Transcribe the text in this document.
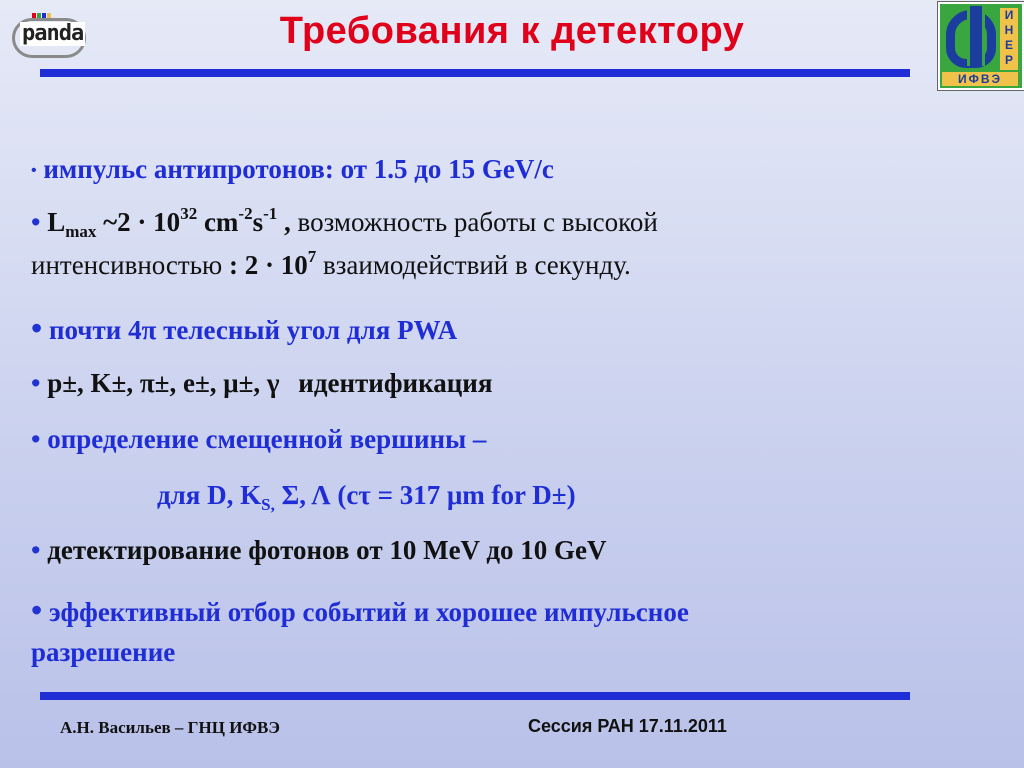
panda
И
Н
Е
Р
ИФВЭ
Требования к детектору
• импульс антипротонов: от 1.5 до 15 GeV/c
• $L_{max}$ ~2 · $10^{32}$ $cm^{-2}s^{-1}$ , возможность работы с высокой
интенсивностью : $2 \cdot 10^7$ взаимодействий в секунду.
• почти 4π телесный угол для PWA
• p±, K±, π±, e±, μ±, γ идентификация
• определение смещенной вершины –
для D, $K_{S,}$ Σ, Λ (cτ = 317 μm for D±)
• детектирование фотонов от 10 MeV до 10 GeV
• эффективный отбор событий и хорошее импульсное
разрешение
А.Н. Васильев – ГНЦ ИФВЭ	Сессия РАН 17.11.2011
